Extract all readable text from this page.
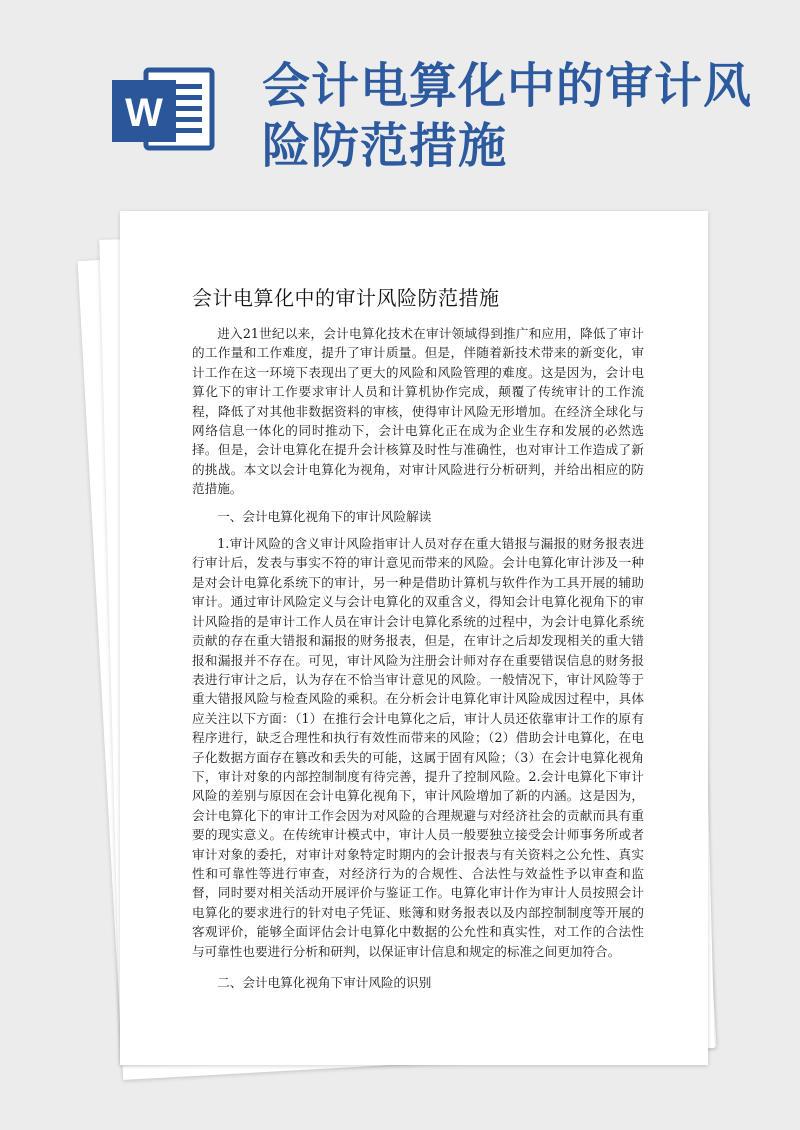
W 会计电算化中的审计风险防范措施
会计电算化中的审计风险防范措施

进入21世纪以来，会计电算化技术在审计领域得到推广和应用，降低了审计的工作量和工作难度，提升了审计质量。但是，伴随着新技术带来的新变化，审计工作在这一环境下表现出了更大的风险和风险管理的难度。这是因为，会计电算化下的审计工作要求审计人员和计算机协作完成，颠覆了传统审计的工作流程，降低了对其他非数据资料的审核，使得审计风险无形增加。在经济全球化与网络信息一体化的同时推动下，会计电算化正在成为企业生存和发展的必然选择。但是，会计电算化在提升会计核算及时性与准确性，也对审计工作造成了新的挑战。本文以会计电算化为视角，对审计风险进行分析研判，并给出相应的防范措施。

一、会计电算化视角下的审计风险解读

1.审计风险的含义审计风险指审计人员对存在重大错报与漏报的财务报表进行审计后，发表与事实不符的审计意见而带来的风险。会计电算化审计涉及一种是对会计电算化系统下的审计，另一种是借助计算机与软件作为工具开展的辅助审计。通过审计风险定义与会计电算化的双重含义，得知会计电算化视角下的审计风险指的是审计工作人员在审计会计电算化系统的过程中，为会计电算化系统贡献的存在重大错报和漏报的财务报表，但是，在审计之后却发现相关的重大错报和漏报并不存在。可见，审计风险为注册会计师对存在重要错误信息的财务报表进行审计之后，认为存在不恰当审计意见的风险。一般情况下，审计风险等于重大错报风险与检查风险的乘积。在分析会计电算化审计风险成因过程中，具体应关注以下方面：（1）在推行会计电算化之后，审计人员还依靠审计工作的原有程序进行，缺乏合理性和执行有效性而带来的风险；（2）借助会计电算化，在电子化数据方面存在篡改和丢失的可能，这属于固有风险；（3）在会计电算化视角下，审计对象的内部控制制度有待完善，提升了控制风险。2.会计电算化下审计风险的差别与原因在会计电算化视角下，审计风险增加了新的内涵。这是因为，会计电算化下的审计工作会因为对风险的合理规避与对经济社会的贡献而具有重要的现实意义。在传统审计模式中，审计人员一般要独立接受会计师事务所或者审计对象的委托，对审计对象特定时期内的会计报表与有关资料之公允性、真实性和可靠性等进行审查，对经济行为的合规性、合法性与效益性予以审查和监督，同时要对相关活动开展评价与鉴证工作。电算化审计作为审计人员按照会计电算化的要求进行的针对电子凭证、账簿和财务报表以及内部控制制度等开展的客观评价，能够全面评估会计电算化中数据的公允性和真实性，对工作的合法性与可靠性也要进行分析和研判，以保证审计信息和规定的标准之间更加符合。

二、会计电算化视角下审计风险的识别
